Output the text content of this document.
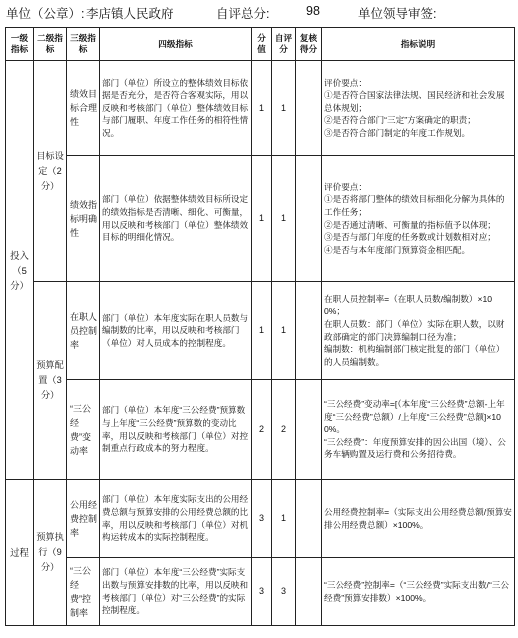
单位（公章）: 李店镇人民政府	自评总分:	98	单位领导审签:
一级指标	二级指标	三级指标	四级指标	分值	自评分	复核得分	指标说明
投入（5分）	目标设定（2分）	绩效目标合理性	部门（单位）所设立的整体绩效目标依据是否充分，是否符合客观实际，用以反映和考核部门（单位）整体绩效目标与部门履职、年度工作任务的相符性情况。	1	1		评价要点：
①是否符合国家法律法规、国民经济和社会发展总体规划；
②是否符合部门“三定”方案确定的职责；
③是否符合部门制定的年度工作规划。

		绩效指标明确性	部门（单位）依据整体绩效目标所设定的绩效指标是否清晰、细化、可衡量，用以反映和考核部门（单位）整体绩效目标的明细化情况。	1	1		评价要点：
①是否将部门整体的绩效目标细化分解为具体的工作任务；
②是否通过清晰、可衡量的指标值予以体现；
③是否与部门年度的任务数或计划数相对应；
④是否与本年度部门预算资金相匹配。

	预算配置（3分）	在职人员控制率	部门（单位）本年度实际在职人员数与编制数的比率，用以反映和考核部门（单位）对人员成本的控制程度。	1	1		在职人员控制率=（在职人员数/编制数）×100%；
在职人员数：部门（单位）实际在职人数，以财政部确定的部门决算编制口径为准；
编制数：机构编制部门核定批复的部门（单位）的人员编制数。

		“三公经费”变动率	部门（单位）本年度“三公经费”预算数与上年度“三公经费”预算数的变动比率，用以反映和考核部门（单位）对控制重点行政成本的努力程度。	2	2		“三公经费”变动率=[（本年度“三公经费”总额-上年度“三公经费”总额）/上年度“三公经费”总额]×100%。
“三公经费”：年度预算安排的因公出国（境）、公务车辆购置及运行费和公务招待费。

过程	预算执行（9分）	公用经费控制率	部门（单位）本年度实际支出的公用经费总额与预算安排的公用经费总额的比率，用以反映和考核部门（单位）对机构运转成本的实际控制程度。	3	1		公用经费控制率=（实际支出公用经费总额/预算安排公用经费总额）×100%。

		“三公经费”控制率	部门（单位）本年度“三公经费”实际支出数与预算安排数的比率，用以反映和考核部门（单位）对“三公经费”的实际控制程度。	3	3		“三公经费”控制率=（“三公经费”实际支出数/“三公经费”预算安排数）×100%。
